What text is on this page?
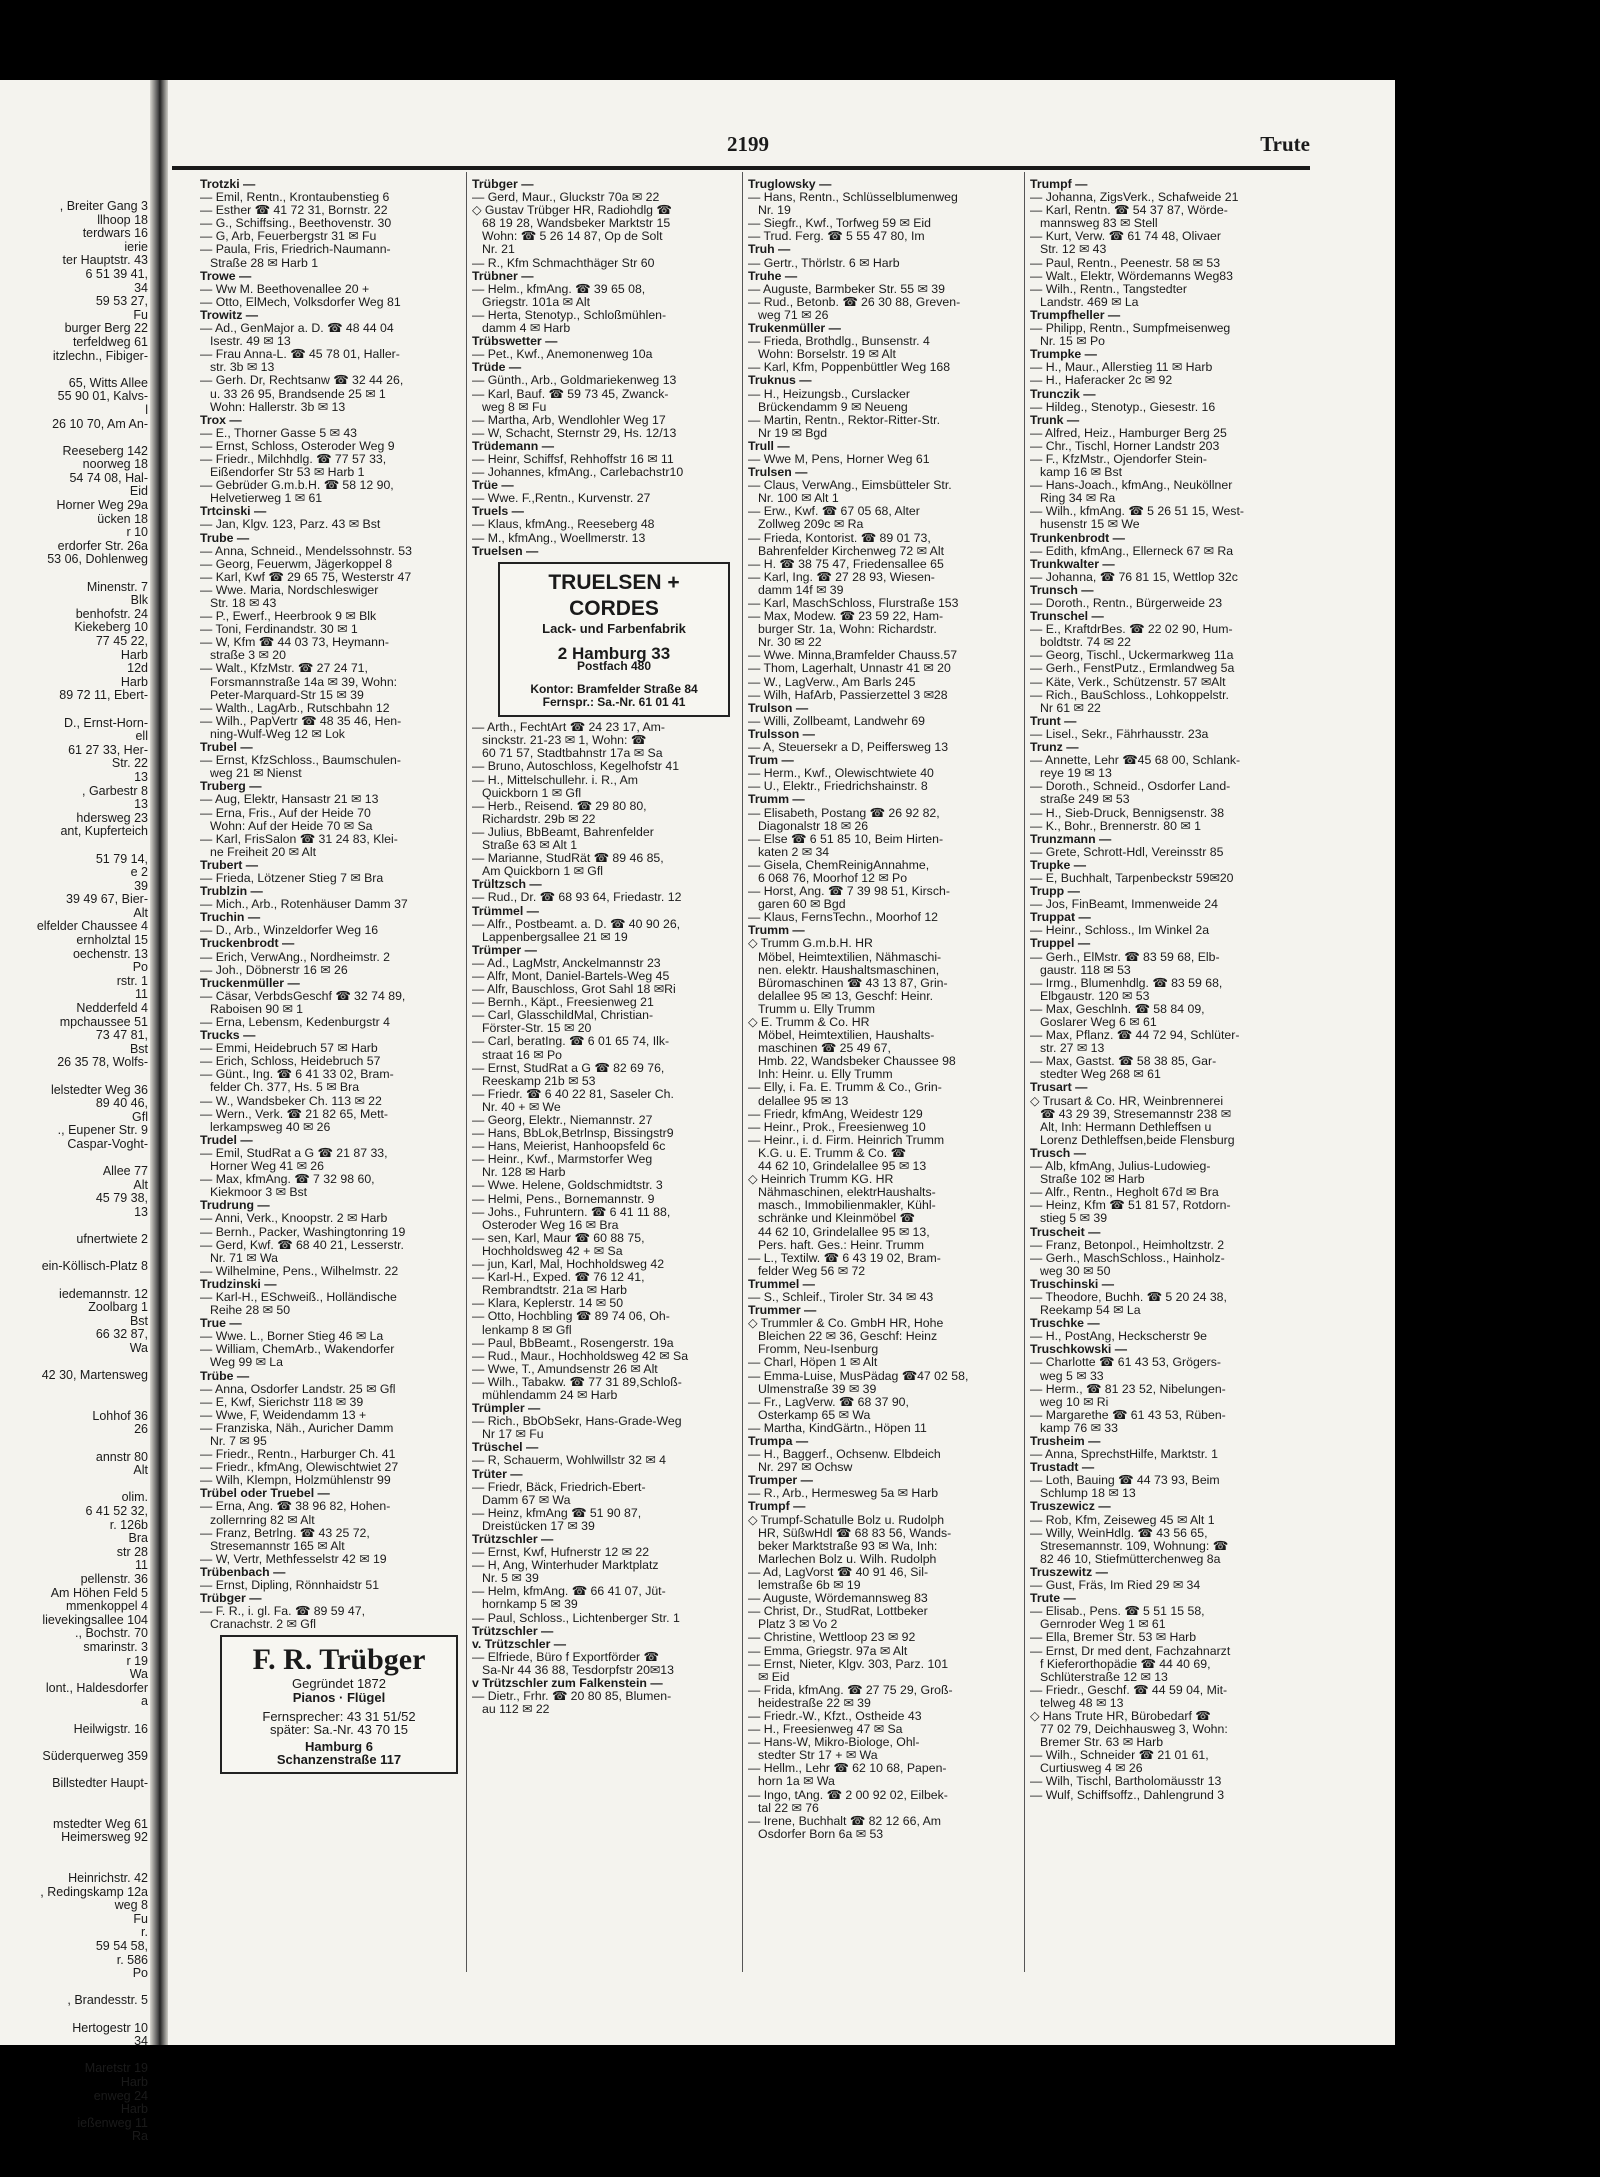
, Breiter Gang 3
llhoop 18
terdwars 16
ierie
ter Hauptstr. 43
6 51 39 41,
34
59 53 27,
Fu
burger Berg 22
terfeldweg 61
itzlechn., Fibiger-

65, Witts Allee
55 90 01, Kalvs-
l
26 10 70, Am An-

Reeseberg 142
noorweg 18
54 74 08, Hal-
Eid
Horner Weg 29a
ücken 18
r 10
erdorfer Str. 26a
53 06, Dohlenweg

Minenstr. 7
Blk
benhofstr. 24
Kiekeberg 10
77 45 22,
Harb
12d
Harb
89 72 11, Ebert-

D., Ernst-Horn-
ell
61 27 33, Her-
Str. 22
13
, Garbestr 8
13
hdersweg 23
ant, Kupferteich

51 79 14,
e 2
39
39 49 67, Bier-
Alt
elfelder Chaussee 4
ernholztal 15
oechenstr. 13
Po
rstr. 1
11
Nedderfeld 4
mpchaussee 51
73 47 81,
Bst
26 35 78, Wolfs-

lelstedter Weg 36
89 40 46,
Gfl
., Eupener Str. 9
Caspar-Voght-

Allee 77
Alt
45 79 38,
13

ufnertwiete 2

ein-Köllisch-Platz 8

iedemannstr. 12
Zoolbarg 1
Bst
66 32 87,
Wa

42 30, Martensweg

Lohhof 36
26

annstr 80
Alt

olim.
6 41 52 32,
r. 126b
Bra
str 28
11
pellenstr. 36
Am Höhen Feld 5
mmenkoppel 4
lievekingsallee 104
., Bochstr. 70
smarinstr. 3
r 19
Wa
lont., Haldesdorfer
a

Heilwigstr. 16

Süderquerweg 359

Billstedter Haupt-

mstedter Weg 61
Heimersweg 92

Heinrichstr. 42
, Redingskamp 12a
weg 8
Fu
r.
59 54 58,
r. 586
Po

, Brandesstr. 5

Hertogestr 10
34

Maretstr 19
Harb
enweg 24
Harb
ießenweg 11
Ra
2199	Trute
Trotzki —
— Emil, Rentn., Krontaubenstieg 6
— Esther ☎ 41 72 31, Bornstr. 22
— G., Schiffsing., Beethovenstr. 30
— G, Arb, Feuerbergstr 31 ✉ Fu
— Paula, Fris, Friedrich-Naumann-
Straße 28 ✉ Harb 1
Trowe —
— Ww M. Beethovenallee 20 +
— Otto, ElMech, Volksdorfer Weg 81
Trowitz —
— Ad., GenMajor a. D. ☎ 48 44 04
Isestr. 49 ✉ 13
— Frau Anna-L. ☎ 45 78 01, Haller-
str. 3b ✉ 13
— Gerh. Dr, Rechtsanw ☎ 32 44 26,
u. 33 26 95, Brandsende 25 ✉ 1
Wohn: Hallerstr. 3b ✉ 13
Trox —
— E., Thorner Gasse 5 ✉ 43
— Ernst, Schloss, Osteroder Weg 9
— Friedr., Milchhdlg. ☎ 77 57 33,
Eißendorfer Str 53 ✉ Harb 1
— Gebrüder G.m.b.H. ☎ 58 12 90,
Helvetierweg 1 ✉ 61
Trtcinski —
— Jan, Klgv. 123, Parz. 43 ✉ Bst
Trube —
— Anna, Schneid., Mendelssohnstr. 53
— Georg, Feuerwm, Jägerkoppel 8
— Karl, Kwf ☎ 29 65 75, Westerstr 47
— Wwe. Maria, Nordschleswiger
Str. 18 ✉ 43
— P., Ewerf., Heerbrook 9 ✉ Blk
— Toni, Ferdinandstr. 30 ✉ 1
— W, Kfm ☎ 44 03 73, Heymann-
straße 3 ✉ 20
— Walt., KfzMstr. ☎ 27 24 71,
Forsmannstraße 14a ✉ 39, Wohn:
Peter-Marquard-Str 15 ✉ 39
— Walth., LagArb., Rutschbahn 12
— Wilh., PapVertr ☎ 48 35 46, Hen-
ning-Wulf-Weg 12 ✉ Lok
Trubel —
— Ernst, KfzSchloss., Baumschulen-
weg 21 ✉ Nienst
Truberg —
— Aug, Elektr, Hansastr 21 ✉ 13
— Erna, Fris., Auf der Heide 70
Wohn: Auf der Heide 70 ✉ Sa
— Karl, FrisSalon ☎ 31 24 83, Klei-
ne Freiheit 20 ✉ Alt
Trubert —
— Frieda, Lötzener Stieg 7 ✉ Bra
Trublzin —
— Mich., Arb., Rotenhäuser Damm 37
Truchin —
— D., Arb., Winzeldorfer Weg 16
Truckenbrodt —
— Erich, VerwAng., Nordheimstr. 2
— Joh., Döbnerstr 16 ✉ 26
Truckenmüller —
— Cäsar, VerbdsGeschf ☎ 32 74 89,
Raboisen 90 ✉ 1
— Erna, Lebensm, Kedenburgstr 4
Trucks —
— Emmi, Heidebruch 57 ✉ Harb
— Erich, Schloss, Heidebruch 57
— Günt., Ing. ☎ 6 41 33 02, Bram-
felder Ch. 377, Hs. 5 ✉ Bra
— W., Wandsbeker Ch. 113 ✉ 22
— Wern., Verk. ☎ 21 82 65, Mett-
lerkampsweg 40 ✉ 26
Trudel —
— Emil, StudRat a G ☎ 21 87 33,
Horner Weg 41 ✉ 26
— Max, kfmAng. ☎ 7 32 98 60,
Kiekmoor 3 ✉ Bst
Trudrung —
— Anni, Verk., Knoopstr. 2 ✉ Harb
— Bernh., Packer, Washingtonring 19
— Gerd, Kwf. ☎ 68 40 21, Lesserstr.
Nr. 71 ✉ Wa
— Wilhelmine, Pens., Wilhelmstr. 22
Trudzinski —
— Karl-H., ESchweiß., Holländische
Reihe 28 ✉ 50
True —
— Wwe. L., Borner Stieg 46 ✉ La
— William, ChemArb., Wakendorfer
Weg 99 ✉ La
Trübe —
— Anna, Osdorfer Landstr. 25 ✉ Gfl
— E, Kwf, Sierichstr 118 ✉ 39
— Wwe, F, Weidendamm 13 +
— Franziska, Näh., Auricher Damm
Nr. 7 ✉ 95
— Friedr., Rentn., Harburger Ch. 41
— Friedr., kfmAng, Olewischtwiet 27
— Wilh, Klempn, Holzmühlenstr 99
Trübel oder Truebel —
— Erna, Ang. ☎ 38 96 82, Hohen-
zollernring 82 ✉ Alt
— Franz, Betrlng. ☎ 43 25 72,
Stresemannstr 165 ✉ Alt
— W, Vertr, Methfesselstr 42 ✉ 19
Trübenbach —
— Ernst, Dipling, Rönnhaidstr 51
Trübger —
— F. R., i. gl. Fa. ☎ 89 59 47,
Cranachstr. 2 ✉ Gfl
F. R. Trübger
Gegründet 1872
Pianos · Flügel
Fernsprecher: 43 31 51/52
später: Sa.-Nr. 43 70 15
Hamburg 6
Schanzenstraße 117
Trübger —
— Gerd, Maur., Gluckstr 70a ✉ 22
◇ Gustav Trübger HR, Radiohdlg ☎
68 19 28, Wandsbeker Marktstr 15
Wohn: ☎ 5 26 14 87, Op de Solt
Nr. 21
— R., Kfm Schmachthäger Str 60
Trübner —
— Helm., kfmAng. ☎ 39 65 08,
Griegstr. 101a ✉ Alt
— Herta, Stenotyp., Schloßmühlen-
damm 4 ✉ Harb
Trübswetter —
— Pet., Kwf., Anemonenweg 10a
Trüde —
— Günth., Arb., Goldmariekenweg 13
— Karl, Bauf. ☎ 59 73 45, Zwanck-
weg 8 ✉ Fu
— Martha, Arb, Wendlohler Weg 17
— W, Schacht, Sternstr 29, Hs. 12/13
Trüdemann —
— Heinr, Schiffsf, Rehhoffstr 16 ✉ 11
— Johannes, kfmAng., Carlebachstr10
Trüe —
— Wwe. F.,Rentn., Kurvenstr. 27
Truels —
— Klaus, kfmAng., Reeseberg 48
— M., kfmAng., Woellmerstr. 13
Truelsen —
TRUELSEN + CORDES
Lack- und Farbenfabrik
2 Hamburg 33
Postfach 480
Kontor: Bramfelder Straße 84
Fernspr.: Sa.-Nr. 61 01 41
— Arth., FechtArt ☎ 24 23 17, Am-
sinckstr. 21-23 ✉ 1, Wohn: ☎
60 71 57, Stadtbahnstr 17a ✉ Sa
— Bruno, Autoschloss, Kegelhofstr 41
— H., Mittelschullehr. i. R., Am
Quickborn 1 ✉ Gfl
— Herb., Reisend. ☎ 29 80 80,
Richardstr. 29b ✉ 22
— Julius, BbBeamt, Bahrenfelder
Straße 63 ✉ Alt 1
— Marianne, StudRät ☎ 89 46 85,
Am Quickborn 1 ✉ Gfl
Trültzsch —
— Rud., Dr. ☎ 68 93 64, Friedastr. 12
Trümmel —
— Alfr., Postbeamt. a. D. ☎ 40 90 26,
Lappenbergsallee 21 ✉ 19
Trümper —
— Ad., LagMstr, Anckelmannstr 23
— Alfr, Mont, Daniel-Bartels-Weg 45
— Alfr, Bauschloss, Grot Sahl 18 ✉Ri
— Bernh., Käpt., Freesienweg 21
— Carl, GlasschildMal, Christian-
Förster-Str. 15 ✉ 20
— Carl, beratIng. ☎ 6 01 65 74, Ilk-
straat 16 ✉ Po
— Ernst, StudRat a G ☎ 82 69 76,
Reeskamp 21b ✉ 53
— Friedr. ☎ 6 40 22 81, Saseler Ch.
Nr. 40 + ✉ We
— Georg, Elektr., Niemannstr. 27
— Hans, BbLok,Betrlnsp, Bissingstr9
— Hans, Meierist, Hanhoopsfeld 6c
— Heinr., Kwf., Marmstorfer Weg
Nr. 128 ✉ Harb
— Wwe. Helene, Goldschmidtstr. 3
— Helmi, Pens., Bornemannstr. 9
— Johs., Fuhruntern. ☎ 6 41 11 88,
Osteroder Weg 16 ✉ Bra
— sen, Karl, Maur ☎ 60 88 75,
Hochholdsweg 42 + ✉ Sa
— jun, Karl, Mal, Hochholdsweg 42
— Karl-H., Exped. ☎ 76 12 41,
Rembrandtstr. 21a ✉ Harb
— Klara, Keplerstr. 14 ✉ 50
— Otto, Hochbling ☎ 89 74 06, Oh-
lenkamp 8 ✉ Gfl
— Paul, BbBeamt., Rosengerstr. 19a
— Rud., Maur., Hochholdsweg 42 ✉ Sa
— Wwe, T., Amundsenstr 26 ✉ Alt
— Wilh., Tabakw. ☎ 77 31 89,Schloß-
mühlendamm 24 ✉ Harb
Trümpler —
— Rich., BbObSekr, Hans-Grade-Weg
Nr 17 ✉ Fu
Trüschel —
— R, Schauerm, Wohlwillstr 32 ✉ 4
Trüter —
— Friedr, Bäck, Friedrich-Ebert-
Damm 67 ✉ Wa
— Heinz, kfmAng ☎ 51 90 87,
Dreistücken 17 ✉ 39
Trützschler —
— Ernst, Kwf, Hufnerstr 12 ✉ 22
— H, Ang, Winterhuder Marktplatz
Nr. 5 ✉ 39
— Helm, kfmAng. ☎ 66 41 07, Jüt-
hornkamp 5 ✉ 39
— Paul, Schloss., Lichtenberger Str. 1
Trützschler —
v. Trützschler —
— Elfriede, Büro f Exportförder ☎
Sa-Nr 44 36 88, Tesdorpfstr 20✉13
v Trützschler zum Falkenstein —
— Dietr., Frhr. ☎ 20 80 85, Blumen-
au 112 ✉ 22
Truglowsky —
— Hans, Rentn., Schlüsselblumenweg
Nr. 19
— Siegfr., Kwf., Torfweg 59 ✉ Eid
— Trud. Ferg. ☎ 5 55 47 80, Im
Truh —
— Gertr., Thörlstr. 6 ✉ Harb
Truhe —
— Auguste, Barmbeker Str. 55 ✉ 39
— Rud., Betonb. ☎ 26 30 88, Greven-
weg 71 ✉ 26
Trukenmüller —
— Frieda, Brothdlg., Bunsenstr. 4
Wohn: Borselstr. 19 ✉ Alt
— Karl, Kfm, Poppenbüttler Weg 168
Truknus —
— H., Heizungsb., Curslacker
Brückendamm 9 ✉ Neueng
— Martin, Rentn., Rektor-Ritter-Str.
Nr 19 ✉ Bgd
Trull —
— Wwe M, Pens, Horner Weg 61
Trulsen —
— Claus, VerwAng., Eimsbütteler Str.
Nr. 100 ✉ Alt 1
— Erw., Kwf. ☎ 67 05 68, Alter
Zollweg 209c ✉ Ra
— Frieda, Kontorist. ☎ 89 01 73,
Bahrenfelder Kirchenweg 72 ✉ Alt
— H. ☎ 38 75 47, Friedensallee 65
— Karl, Ing. ☎ 27 28 93, Wiesen-
damm 14f ✉ 39
— Karl, MaschSchloss, Flurstraße 153
— Max, Modew. ☎ 23 59 22, Ham-
burger Str. 1a, Wohn: Richardstr.
Nr. 30 ✉ 22
— Wwe. Minna,Bramfelder Chauss.57
— Thom, Lagerhalt, Unnastr 41 ✉ 20
— W., LagVerw., Am Barls 245
— Wilh, HafArb, Passierzettel 3 ✉28
Trulson —
— Willi, Zollbeamt, Landwehr 69
Trulsson —
— A, Steuersekr a D, Peiffersweg 13
Trum —
— Herm., Kwf., Olewischtwiete 40
— U., Elektr., Friedrichshainstr. 8
Trumm —
— Elisabeth, Postang ☎ 26 92 82,
Diagonalstr 18 ✉ 26
— Else ☎ 6 51 85 10, Beim Hirten-
katen 2 ✉ 34
— Gisela, ChemReinigAnnahme,
6 068 76, Moorhof 12 ✉ Po
— Horst, Ang. ☎ 7 39 98 51, Kirsch-
garen 60 ✉ Bgd
— Klaus, FernsTechn., Moorhof 12
Trumm —
◇ Trumm G.m.b.H. HR
Möbel, Heimtextilien, Nähmaschi-
nen. elektr. Haushaltsmaschinen,
Büromaschinen ☎ 43 13 87, Grin-
delallee 95 ✉ 13, Geschf: Heinr.
Trumm u. Elly Trumm
◇ E. Trumm & Co. HR
Möbel, Heimtextilien, Haushalts-
maschinen ☎ 25 49 67,
Hmb. 22, Wandsbeker Chaussee 98
Inh: Heinr. u. Elly Trumm
— Elly, i. Fa. E. Trumm & Co., Grin-
delallee 95 ✉ 13
— Friedr, kfmAng, Weidestr 129
— Heinr., Prok., Freesienweg 10
— Heinr., i. d. Firm. Heinrich Trumm
K.G. u. E. Trumm & Co. ☎
44 62 10, Grindelallee 95 ✉ 13
◇ Heinrich Trumm KG. HR
Nähmaschinen, elektrHaushalts-
masch., Immobilienmakler, Kühl-
schränke und Kleinmöbel ☎
44 62 10, Grindelallee 95 ✉ 13,
Pers. haft. Ges.: Heinr. Trumm
— L., Textilw. ☎ 6 43 19 02, Bram-
felder Weg 56 ✉ 72
Trummel —
— S., Schleif., Tiroler Str. 34 ✉ 43
Trummer —
◇ Trummler & Co. GmbH HR, Hohe
Bleichen 22 ✉ 36, Geschf: Heinz
Fromm, Neu-Isenburg
— Charl, Höpen 1 ✉ Alt
— Emma-Luise, MusPädag ☎47 02 58,
Ulmenstraße 39 ✉ 39
— Fr., LagVerw. ☎ 68 37 90,
Osterkamp 65 ✉ Wa
— Martha, KindGärtn., Höpen 11
Trumpa —
— H., Baggerf., Ochsenw. Elbdeich
Nr. 297 ✉ Ochsw
Trumper —
— R., Arb., Hermesweg 5a ✉ Harb
Trumpf —
◇ Trumpf-Schatulle Bolz u. Rudolph
HR, SüßwHdl ☎ 68 83 56, Wands-
beker Marktstraße 93 ✉ Wa, Inh:
Marlechen Bolz u. Wilh. Rudolph
— Ad, LagVorst ☎ 40 91 46, Sil-
lemstraße 6b ✉ 19
— Auguste, Wördemannsweg 83
— Christ, Dr., StudRat, Lottbeker
Platz 3 ✉ Vo 2
— Christine, Wettloop 23 ✉ 92
— Emma, Griegstr. 97a ✉ Alt
— Ernst, Nieter, Klgv. 303, Parz. 101
✉ Eid
— Frida, kfmAng. ☎ 27 75 29, Groß-
heidestraße 22 ✉ 39
— Friedr.-W., Kfzt., Ostheide 43
— H., Freesienweg 47 ✉ Sa
— Hans-W, Mikro-Biologe, Ohl-
stedter Str 17 + ✉ Wa
— Hellm., Lehr ☎ 62 10 68, Papen-
horn 1a ✉ Wa
— Ingo, tAng. ☎ 2 00 92 02, Eilbek-
tal 22 ✉ 76
— Irene, Buchhalt ☎ 82 12 66, Am
Osdorfer Born 6a ✉ 53
Trumpf —
— Johanna, ZigsVerk., Schafweide 21
— Karl, Rentn. ☎ 54 37 87, Wörde-
mannsweg 83 ✉ Stell
— Kurt, Verw. ☎ 61 74 48, Olivaer
Str. 12 ✉ 43
— Paul, Rentn., Peenestr. 58 ✉ 53
— Walt., Elektr, Wördemanns Weg83
— Wilh., Rentn., Tangstedter
Landstr. 469 ✉ La
Trumpfheller —
— Philipp, Rentn., Sumpfmeisenweg
Nr. 15 ✉ Po
Trumpke —
— H., Maur., Allerstieg 11 ✉ Harb
— H., Haferacker 2c ✉ 92
Trunczik —
— Hildeg., Stenotyp., Giesestr. 16
Trunk —
— Alfred, Heiz., Hamburger Berg 25
— Chr., Tischl, Horner Landstr 203
— F., KfzMstr., Ojendorfer Stein-
kamp 16 ✉ Bst
— Hans-Joach., kfmAng., Neuköllner
Ring 34 ✉ Ra
— Wilh., kfmAng. ☎ 5 26 51 15, West-
husenstr 15 ✉ We
Trunkenbrodt —
— Edith, kfmAng., Ellerneck 67 ✉ Ra
Trunkwalter —
— Johanna, ☎ 76 81 15, Wettlop 32c
Trunsch —
— Doroth., Rentn., Bürgerweide 23
Trunschel —
— E., KraftdrBes. ☎ 22 02 90, Hum-
boldtstr. 74 ✉ 22
— Georg, Tischl., Uckermarkweg 11a
— Gerh., FenstPutz., Ermlandweg 5a
— Käte, Verk., Schützenstr. 57 ✉Alt
— Rich., BauSchloss., Lohkoppelstr.
Nr 61 ✉ 22
Trunt —
— Lisel., Sekr., Fährhausstr. 23a
Trunz —
— Annette, Lehr ☎45 68 00, Schlank-
reye 19 ✉ 13
— Doroth., Schneid., Osdorfer Land-
straße 249 ✉ 53
— H., Sieb-Druck, Bennigsenstr. 38
— K., Bohr., Brennerstr. 80 ✉ 1
Trunzmann —
— Grete, Schrott-Hdl, Vereinsstr 85
Trupke —
— E, Buchhalt, Tarpenbeckstr 59✉20
Trupp —
— Jos, FinBeamt, Immenweide 24
Truppat —
— Heinr., Schloss., Im Winkel 2a
Truppel —
— Gerh., ElMstr. ☎ 83 59 68, Elb-
gaustr. 118 ✉ 53
— Irmg., Blumenhdlg. ☎ 83 59 68,
Elbgaustr. 120 ✉ 53
— Max, Geschlnh. ☎ 58 84 09,
Goslarer Weg 6 ✉ 61
— Max, Pflanz. ☎ 44 72 94, Schlüter-
str. 27 ✉ 13
— Max, Gastst. ☎ 58 38 85, Gar-
stedter Weg 268 ✉ 61
Trusart —
◇ Trusart & Co. HR, Weinbrennerei
☎ 43 29 39, Stresemannstr 238 ✉
Alt, Inh: Hermann Dethleffsen u
Lorenz Dethleffsen,beide Flensburg
Trusch —
— Alb, kfmAng, Julius-Ludowieg-
Straße 102 ✉ Harb
— Alfr., Rentn., Hegholt 67d ✉ Bra
— Heinz, Kfm ☎ 51 81 57, Rotdorn-
stieg 5 ✉ 39
Truscheit —
— Franz, Betonpol., Heimholtzstr. 2
— Gerh., MaschSchloss., Hainholz-
weg 30 ✉ 50
Truschinski —
— Theodore, Buchh. ☎ 5 20 24 38,
Reekamp 54 ✉ La
Truschke —
— H., PostAng, Heckscherstr 9e
Truschkowski —
— Charlotte ☎ 61 43 53, Grögers-
weg 5 ✉ 33
— Herm., ☎ 81 23 52, Nibelungen-
weg 10 ✉ Ri
— Margarethe ☎ 61 43 53, Rüben-
kamp 76 ✉ 33
Trusheim —
— Anna, SprechstHilfe, Marktstr. 1
Trustadt —
— Loth, Bauing ☎ 44 73 93, Beim
Schlump 18 ✉ 13
Truszewicz —
— Rob, Kfm, Zeiseweg 45 ✉ Alt 1
— Willy, WeinHdlg. ☎ 43 56 65,
Stresemannstr. 109, Wohnung: ☎
82 46 10, Stiefmütterchenweg 8a
Truszewitz —
— Gust, Fräs, Im Ried 29 ✉ 34
Trute —
— Elisab., Pens. ☎ 5 51 15 58,
Gernroder Weg 1 ✉ 61
— Ella, Bremer Str. 53 ✉ Harb
— Ernst, Dr med dent, Fachzahnarzt
f Kieferorthopädie ☎ 44 40 69,
Schlüterstraße 12 ✉ 13
— Friedr., Geschf. ☎ 44 59 04, Mit-
telweg 48 ✉ 13
◇ Hans Trute HR, Bürobedarf ☎
77 02 79, Deichhausweg 3, Wohn:
Bremer Str. 63 ✉ Harb
— Wilh., Schneider ☎ 21 01 61,
Curtiusweg 4 ✉ 26
— Wilh, Tischl, Bartholomäusstr 13
— Wulf, Schiffsoffz., Dahlengrund 3
